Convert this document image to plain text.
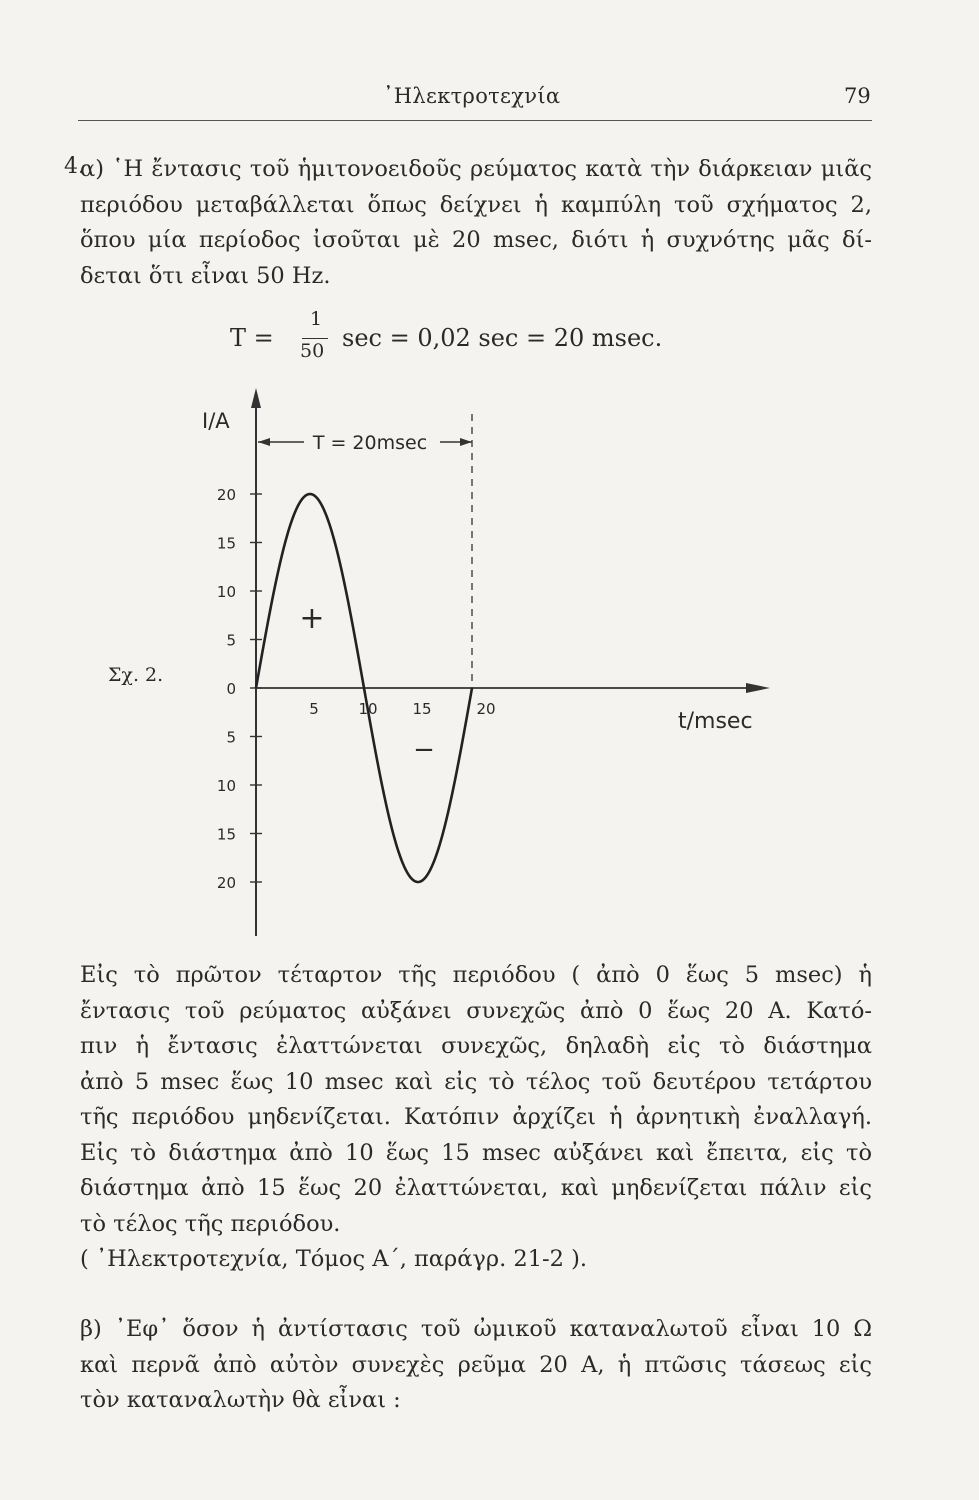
᾿Ηλεκτροτεχνία	79
4.
α) ῾Η ἔντασις τοῦ ἡμιτονοειδοῦς ρεύματος κατὰ τὴν διάρκειαν μιᾶς
περιόδου μεταβάλλεται ὅπως δείχνει ἡ καμπύλη τοῦ σχήματος 2,
ὅπου μία περίοδος ἰσοῦται μὲ 20 msec, διότι ἡ συχνότης μᾶς δί-
δεται ὅτι εἶναι 50 Hz.
T =
1
50 sec = 0,02 sec = 20 msec.
Σχ. 2.
20
15
10
5
0
5
10
15
20
5	10 15	20
T = 20msec
I/A
t/msec
+
−
Εἰς τὸ πρῶτον τέταρτον τῆς περιόδου ( ἀπὸ 0 ἕως 5 msec) ἡ
ἔντασις τοῦ ρεύματος αὐξάνει συνεχῶς ἀπὸ 0 ἕως 20 A. Κατό-
πιν ἡ ἔντασις ἐλαττώνεται συνεχῶς, δηλαδὴ εἰς τὸ διάστημα
ἀπὸ 5 msec ἕως 10 msec καὶ εἰς τὸ τέλος τοῦ δευτέρου τετάρτου
τῆς περιόδου μηδενίζεται. Κατόπιν ἀρχίζει ἡ ἀρνητικὴ ἐναλλαγή.
Εἰς τὸ διάστημα ἀπὸ 10 ἕως 15 msec αὐξάνει καὶ ἔπειτα, εἰς τὸ
διάστημα ἀπὸ 15 ἕως 20 ἐλαττώνεται, καὶ μηδενίζεται πάλιν εἰς
τὸ τέλος τῆς περιόδου.
( ᾿Ηλεκτροτεχνία, Τόμος Α΄, παράγρ. 21-2 ).
β) ᾿Εφ᾿ ὅσον ἡ ἀντίστασις τοῦ ὠμικοῦ καταναλωτοῦ εἶναι 10 Ω
καὶ περνᾶ ἀπὸ αὐτὸν συνεχὲς ρεῦμα 20 A, ἡ πτῶσις τάσεως εἰς
τὸν καταναλωτὴν θὰ εἶναι :
